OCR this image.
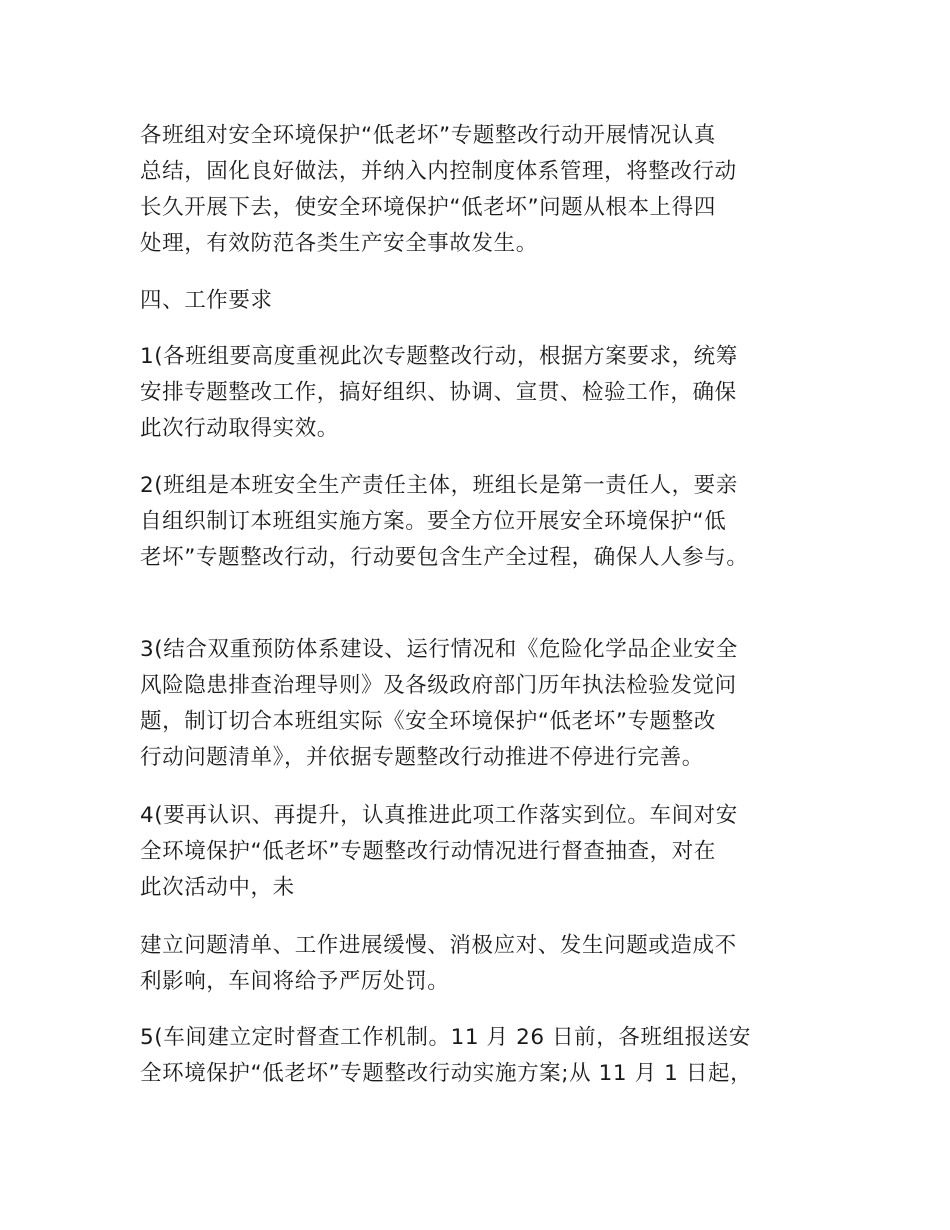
各班组对安全环境保护“低老坏”专题整改行动开展情况认真
总结，固化良好做法，并纳入内控制度体系管理，将整改行动
长久开展下去，使安全环境保护“低老坏”问题从根本上得四
处理，有效防范各类生产安全事故发生。

四、工作要求

1(各班组要高度重视此次专题整改行动，根据方案要求，统筹
安排专题整改工作，搞好组织、协调、宣贯、检验工作，确保
此次行动取得实效。

2(班组是本班安全生产责任主体，班组长是第一责任人，要亲
自组织制订本班组实施方案。要全方位开展安全环境保护“低
老坏”专题整改行动，行动要包含生产全过程，确保人人参与。

3(结合双重预防体系建设、运行情况和《危险化学品企业安全
风险隐患排查治理导则》及各级政府部门历年执法检验发觉问
题，制订切合本班组实际《安全环境保护“低老坏”专题整改
行动问题清单》，并依据专题整改行动推进不停进行完善。

4(要再认识、再提升，认真推进此项工作落实到位。车间对安
全环境保护“低老坏”专题整改行动情况进行督查抽查，对在
此次活动中，未

建立问题清单、工作进展缓慢、消极应对、发生问题或造成不
利影响，车间将给予严厉处罚。

5(车间建立定时督查工作机制。11 月 26 日前，各班组报送安
全环境保护“低老坏”专题整改行动实施方案;从 11 月 1 日起，
